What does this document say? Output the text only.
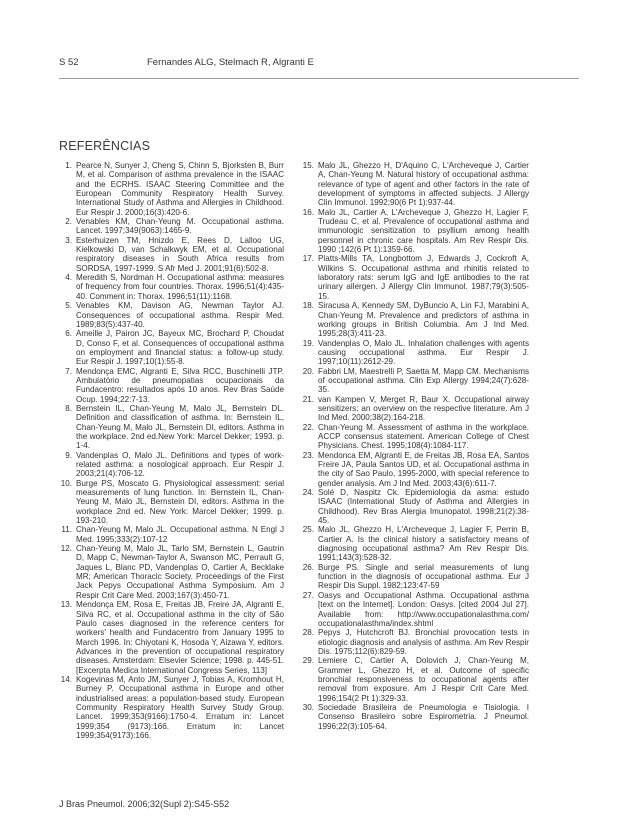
S 52	Fernandes ALG, Stelmach R, Algranti E
REFERÊNCIAS
1. Pearce N, Sunyer J, Cheng S, Chinn S, Bjorksten B, Burr M, et al. Comparison of asthma prevalence in the ISAAC and the ECRHS. ISAAC Steering Committee and the European Community Respiratory Health Survey. International Study of Asthma and Allergies in Childhood. Eur Respir J. 2000;16(3):420-6.
2. Venables KM, Chan-Yeung M. Occupational asthma. Lancet. 1997;349(9063):1465-9.
3. Esterhuizen TM, Hnizdo E, Rees D, Lalloo UG, Kielkowski D, van Schalkwyk EM, et al. Occupational respiratory diseases in South Africa results from SORDSA, 1997-1999. S Afr Med J. 2001;91(6):502-8.
4. Meredith S, Nordman H. Occupational asthma: measures of frequency from four countries. Thorax. 1996;51(4):435-40. Comment in: Thorax. 1996;51(11):1168.
5. Venables KM, Davison AG, Newman Taylor AJ. Consequences of occupational asthma. Respir Med. 1989;83(5):437-40.
6. Ameille J, Pairon JC, Bayeux MC, Brochard P, Choudat D, Conso F, et al. Consequences of occupational asthma on employment and financial status: a follow-up study. Eur Respir J. 1997;10(1):55-8.
7. Mendonça EMC, Algranti E, Silva RCC, Buschinelli JTP. Ambulatório de pneumopatias ocupacionais da Fundacentro: resultados após 10 anos. Rev Bras Saúde Ocup. 1994;22:7-13.
8. Bernstein IL, Chan-Yeung M, Malo JL, Bernstein DL. Definition and classification of asthma. In: Bernstein IL, Chan-Yeung M, Malo JL, Bernstein DI, editors. Asthma in the workplace. 2nd ed.New York: Marcel Dekker; 1993. p. 1-4.
9. Vandenplas O, Malo JL. Definitions and types of work-related asthma: a nosological approach. Eur Respir J. 2003;21(4):706-12.
10. Burge PS, Moscato G. Physiological assessment: serial measurements of lung function. In: Bernstein IL, Chan-Yeung M, Malo JL, Bernstein DI, editors. Asthma in the workplace 2nd ed. New York: Marcel Dekker; 1999. p. 193-210.
11. Chan-Yeung M, Malo JL. Occupational asthma. N Engl J Med. 1995;333(2):107-12
12. Chan-Yeung M, Malo JL, Tarlo SM, Bernstein L, Gautrin D, Mapp C, Newman-Taylor A, Swanson MC, Perrault G, Jaques L, Blanc PD, Vandenplas O, Cartier A, Becklake MR; American Thoracic Society. Proceedings of the First Jack Pepys Occupational Asthma Symposium. Am J Respir Crit Care Med. 2003;167(3):450-71.
13. Mendonça EM, Rosa E, Freitas JB, Freire JA, Algranti E, Silva RC, et al. Occupational asthma in the city of São Paulo cases diagnosed in the reference centers for workers' health and Fundacentro from January 1995 to March 1996. In: Chiyotani K, Hosoda Y, Aizawa Y, editors. Advances in the prevention of occupational respiratory diseases. Amsterdam: Elsevier Science; 1998. p. 445-51. [Excerpta Medica International Congress Series, 113]
14. Kogevinas M, Anto JM, Sunyer J, Tobias A, Kromhout H, Burney P. Occupational asthma in Europe and other industrialised areas: a population-based study. European Community Respiratory Health Survey Study Group. Lancet. 1999;353(9166):1750-4. Erratum in: Lancet 1999;354 (9173):166. Erratum in: Lancet 1999;354(9173):166.
15. Malo JL, Ghezzo H, D'Aquino C, L'Archeveque J, Cartier A, Chan-Yeung M. Natural history of occupational asthma: relevance of type of agent and other factors in the rate of development of symptoms in affected subjects. J Allergy Clin Immunol. 1992;90(6 Pt 1):937-44.
16. Malo JL, Cartier A, L'Archeveque J, Ghezzo H, Lagier F, Trudeau C, et al. Prevalence of occupational asthma and immunologic sensitization to psyllium among health personnel in chronic care hospitals. Am Rev Respir Dis. 1990 ;142(6 Pt 1):1359-66.
17. Platts-Mills TA, Longbottom J, Edwards J, Cockroft A, Wilkins S. Occupational asthma and rhinitis related to laboratory rats: serum IgG and IgE antibodies to the rat urinary allergen. J Allergy Clin Immunol. 1987;79(3):505-15.
18. Siracusa A, Kennedy SM, DyBuncio A, Lin FJ, Marabini A, Chan-Yeung M. Prevalence and predictors of asthma in working groups in British Columbia. Am J Ind Med. 1995;28(3):411-23.
19. Vandenplas O, Malo JL. Inhalation challenges with agents causing occupational asthma. Eur Respir J. 1997;10(11):2612-29.
20. Fabbri LM, Maestrelli P, Saetta M, Mapp CM. Mechanisms of occupational asthma. Clin Exp Allergy 1994;24(7):628-35.
21. van Kampen V, Merget R, Baur X. Occupational airway sensitizers: an overview on the respective literature. Am J Ind Med. 2000;38(2):164-218.
22. Chan-Yeung M. Assessment of asthma in the workplace. ACCP consensus statement. American College of Chest Physicians. Chest. 1995;108(4):1084-117.
23. Mendonca EM, Algranti E, de Freitas JB, Rosa EA, Santos Freire JA, Paula Santos UD, et al. Occupational asthma in the city of Sao Paulo, 1995-2000, with special reference to gender analysis. Am J Ind Med. 2003;43(6):611-7.
24. Solé D, Naspitz Ck. Epidemiologia da asma: estudo ISAAC (International Study of Asthma and Allergies in Childhood). Rev Bras Alergia Imunopatol. 1998;21(2):38-45.
25. Malo JL, Ghezzo H, L'Archeveque J, Lagier F, Perrin B, Cartier A. Is the clinical history a satisfactory means of diagnosing occupational asthma? Am Rev Respir Dis. 1991;143(3):528-32.
26. Burge PS. Single and serial measurements of lung function in the diagnosis of occupational asthma. Eur J Respir Dis Suppl. 1982;123:47-59
27. Oasys and Occupational Asthma. Occupational asthma [text on the Internet]. London: Oasys. [cited 2004 Jul 27]. Available from: http://www.occupationalasthma.com/ occupationalasthma/index.shtml
28. Pepys J, Hutchcroft BJ. Bronchial provocation tests in etiologic diagnosis and analysis of asthma. Am Rev Respir Dis. 1975;112(6):829-59.
29. Lemiere C, Cartier A, Dolovich J, Chan-Yeung M, Grammer L, Ghezzo H, et al. Outcome of specific bronchial responsiveness to occupational agents after removal from exposure. Am J Respir Crit Care Med. 1996;154(2 Pt 1):329-33.
30. Sociedade Brasileira de Pneumologia e Tisiologia. I Consenso Brasileiro sobre Espirometria. J Pneumol. 1996;22(3):105-64.
J Bras Pneumol. 2006;32(Supl 2):S45-S52
